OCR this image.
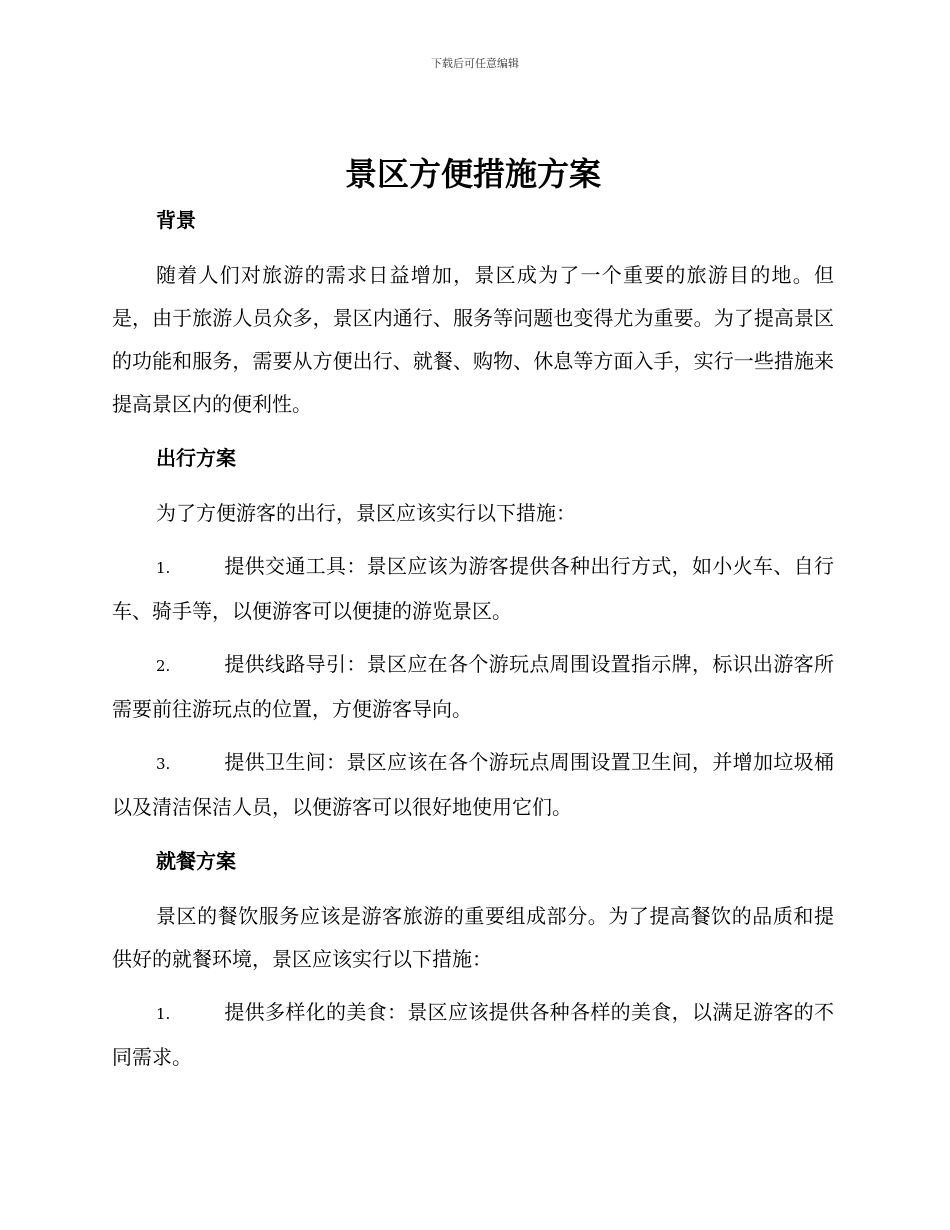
下载后可任意编辑
景区方便措施方案
背景

随着人们对旅游的需求日益增加，景区成为了一个重要的旅游目的地。但是，由于旅游人员众多，景区内通行、服务等问题也变得尤为重要。为了提高景区的功能和服务，需要从方便出行、就餐、购物、休息等方面入手，实行一些措施来提高景区内的便利性。

出行方案

为了方便游客的出行，景区应该实行以下措施：

1.	提供交通工具：景区应该为游客提供各种出行方式，如小火车、自行车、骑手等，以便游客可以便捷的游览景区。
2.	提供线路导引：景区应在各个游玩点周围设置指示牌，标识出游客所需要前往游玩点的位置，方便游客导向。
3.	提供卫生间：景区应该在各个游玩点周围设置卫生间，并增加垃圾桶以及清洁保洁人员，以便游客可以很好地使用它们。
就餐方案

景区的餐饮服务应该是游客旅游的重要组成部分。为了提高餐饮的品质和提供好的就餐环境，景区应该实行以下措施：

1.	提供多样化的美食：景区应该提供各种各样的美食，以满足游客的不同需求。
